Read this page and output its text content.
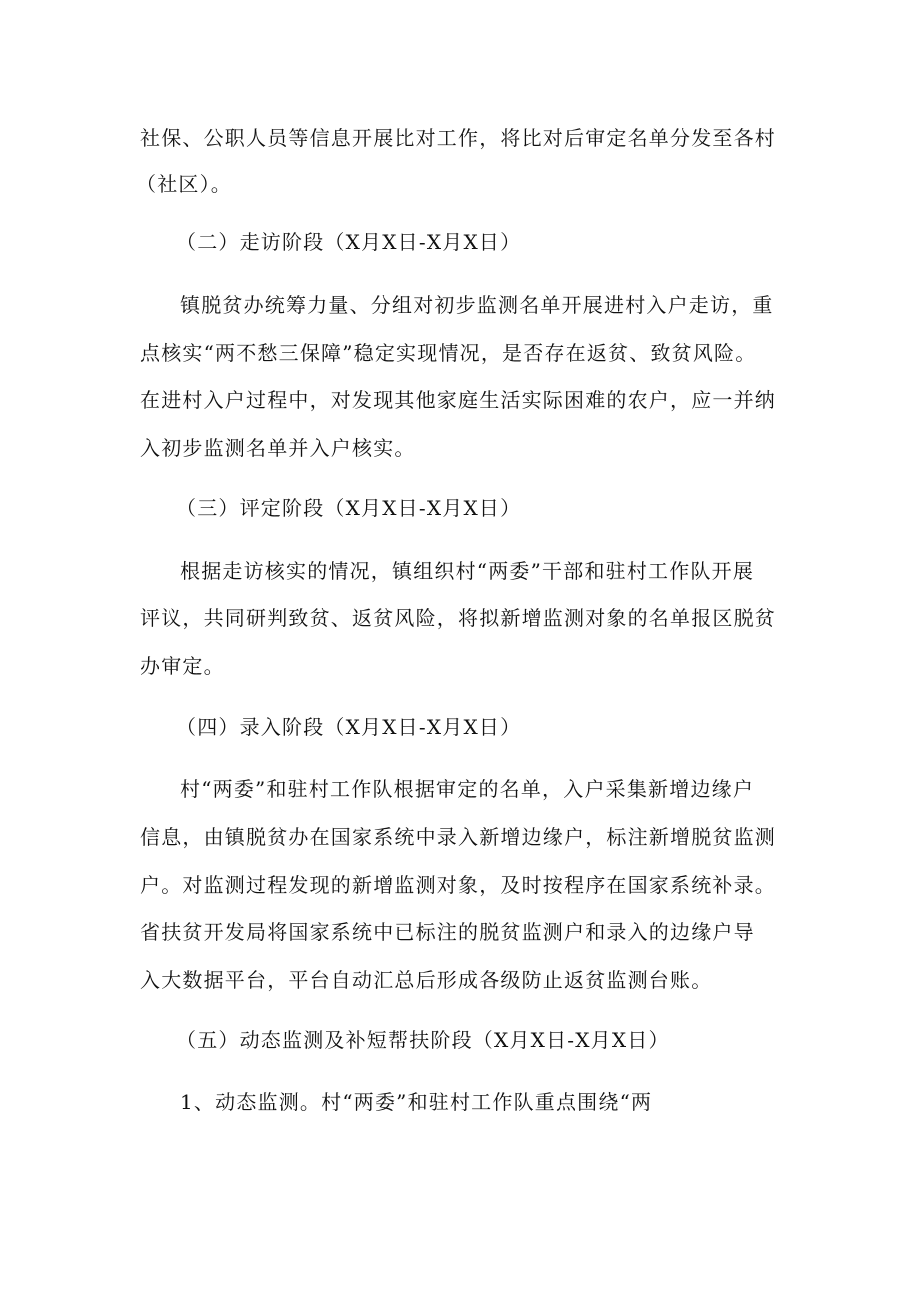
社保、公职人员等信息开展比对工作，将比对后审定名单分发至各村
（社区）。
（二）走访阶段（X月X日-X月X日）
镇脱贫办统筹力量、分组对初步监测名单开展进村入户走访，重
点核实“两不愁三保障”稳定实现情况，是否存在返贫、致贫风险。
在进村入户过程中，对发现其他家庭生活实际困难的农户，应一并纳
入初步监测名单并入户核实。
（三）评定阶段（X月X日-X月X日）
根据走访核实的情况，镇组织村“两委”干部和驻村工作队开展
评议，共同研判致贫、返贫风险，将拟新增监测对象的名单报区脱贫
办审定。
（四）录入阶段（X月X日-X月X日）
村“两委”和驻村工作队根据审定的名单，入户采集新增边缘户
信息，由镇脱贫办在国家系统中录入新增边缘户，标注新增脱贫监测
户。对监测过程发现的新增监测对象，及时按程序在国家系统补录。
省扶贫开发局将国家系统中已标注的脱贫监测户和录入的边缘户导
入大数据平台，平台自动汇总后形成各级防止返贫监测台账。
（五）动态监测及补短帮扶阶段（X月X日-X月X日）
1、动态监测。村“两委”和驻村工作队重点围绕“两
